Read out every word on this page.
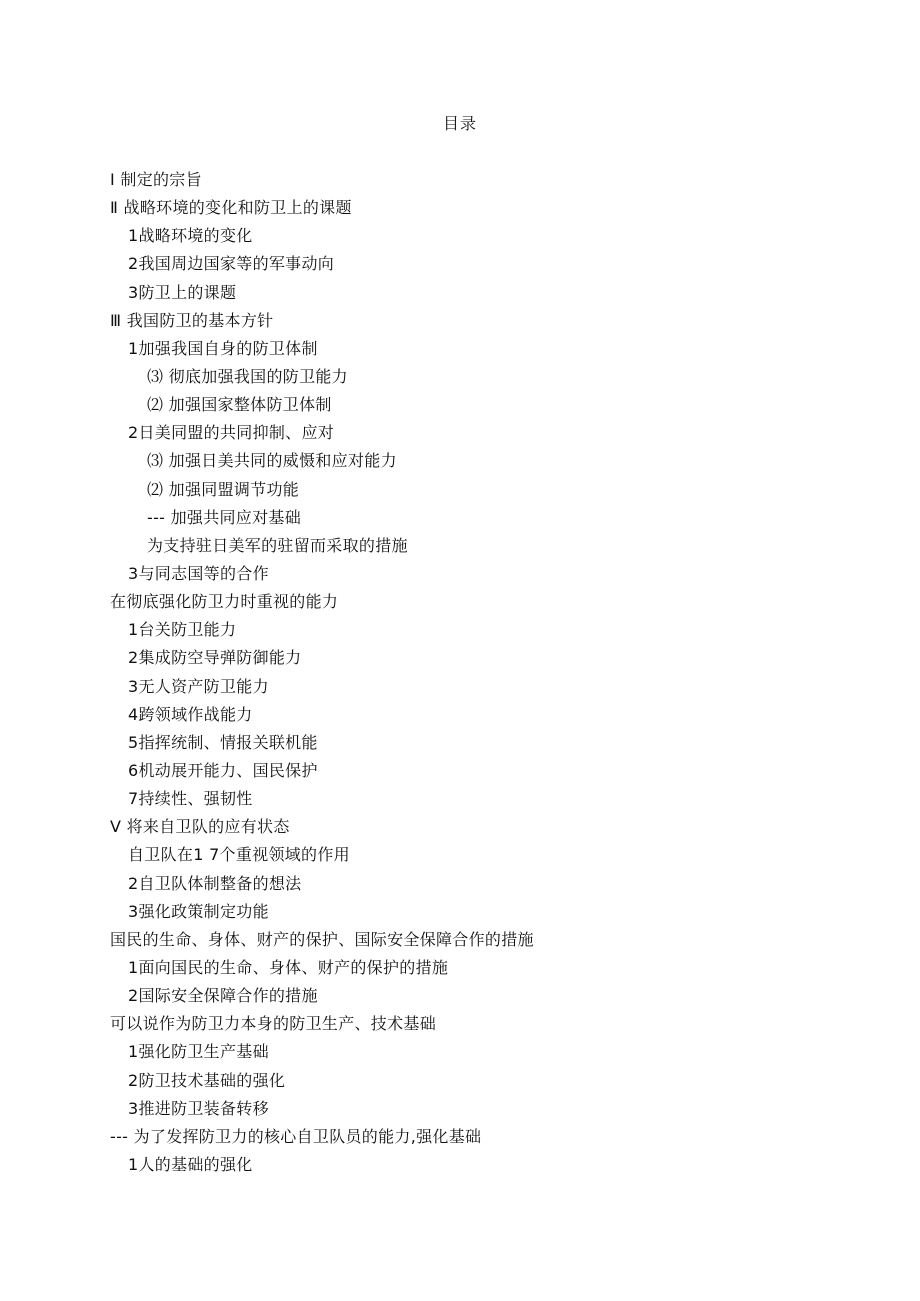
目录
Ⅰ 制定的宗旨
Ⅱ 战略环境的变化和防卫上的课题
1战略环境的变化
2我国周边国家等的军事动向
3防卫上的课题
Ⅲ 我国防卫的基本方针
1加强我国自身的防卫体制
⑶ 彻底加强我国的防卫能力
⑵ 加强国家整体防卫体制
2日美同盟的共同抑制、应对
⑶ 加强日美共同的威慑和应对能力
⑵ 加强同盟调节功能
--- 加强共同应对基础
为支持驻日美军的驻留而采取的措施
3与同志国等的合作
在彻底强化防卫力时重视的能力
1台关防卫能力
2集成防空导弹防御能力
3无人资产防卫能力
4跨领域作战能力
5指挥统制、情报关联机能
6机动展开能力、国民保护
7持续性、强韧性
Ⅴ 将来自卫队的应有状态
自卫队在1 7个重视领域的作用
2自卫队体制整备的想法
3强化政策制定功能
国民的生命、身体、财产的保护、国际安全保障合作的措施
1面向国民的生命、身体、财产的保护的措施
2国际安全保障合作的措施
可以说作为防卫力本身的防卫生产、技术基础
1强化防卫生产基础
2防卫技术基础的强化
3推进防卫装备转移
--- 为了发挥防卫力的核心自卫队员的能力,强化基础
1人的基础的强化
